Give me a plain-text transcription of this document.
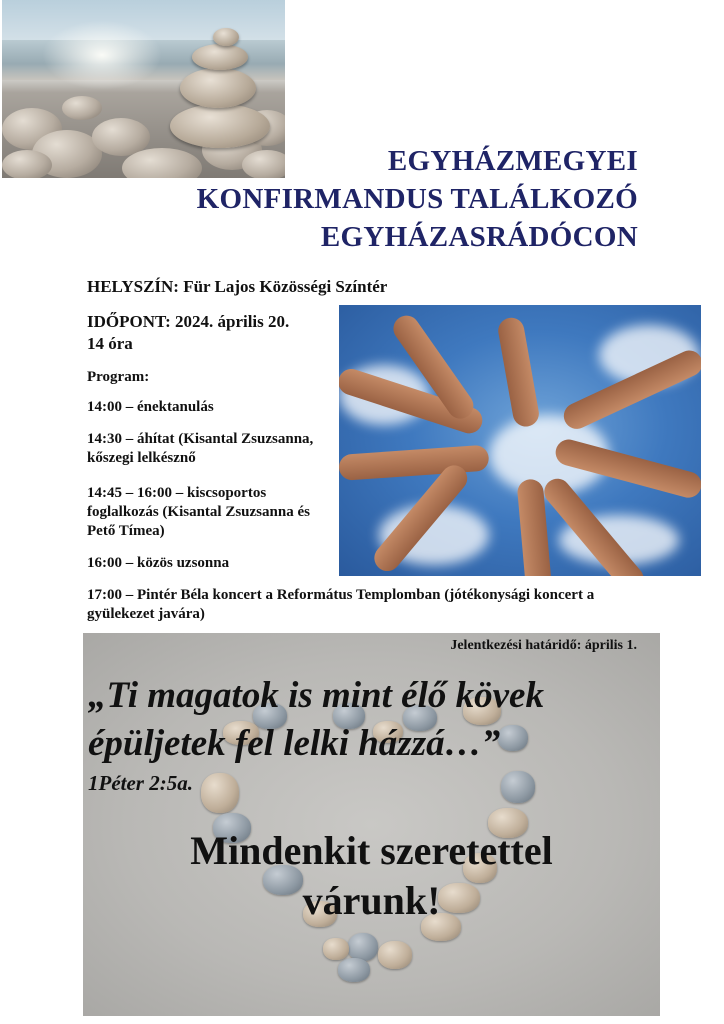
EGYHÁZMEGYEI
KONFIRMANDUS TALÁLKOZÓ
EGYHÁZASRÁDÓCON
HELYSZÍN: Für Lajos Közösségi Színtér
IDŐPONT: 2024. április 20.
14 óra
Program:
14:00 – énektanulás
14:30 – áhítat (Kisantal Zsuzsanna, kőszegi lelkésznő
14:45 – 16:00 – kiscsoportos foglalkozás (Kisantal Zsuzsanna és Pető Tímea)
16:00 – közös uzsonna
17:00 – Pintér Béla koncert a Református Templomban (jótékonysági koncert a gyülekezet javára)
Jelentkezési határidő: április 1.
„Ti magatok is mint élő kövek épüljetek fel lelki házzá…”
1Péter 2:5a.
Mindenkit szeretettel
várunk!
